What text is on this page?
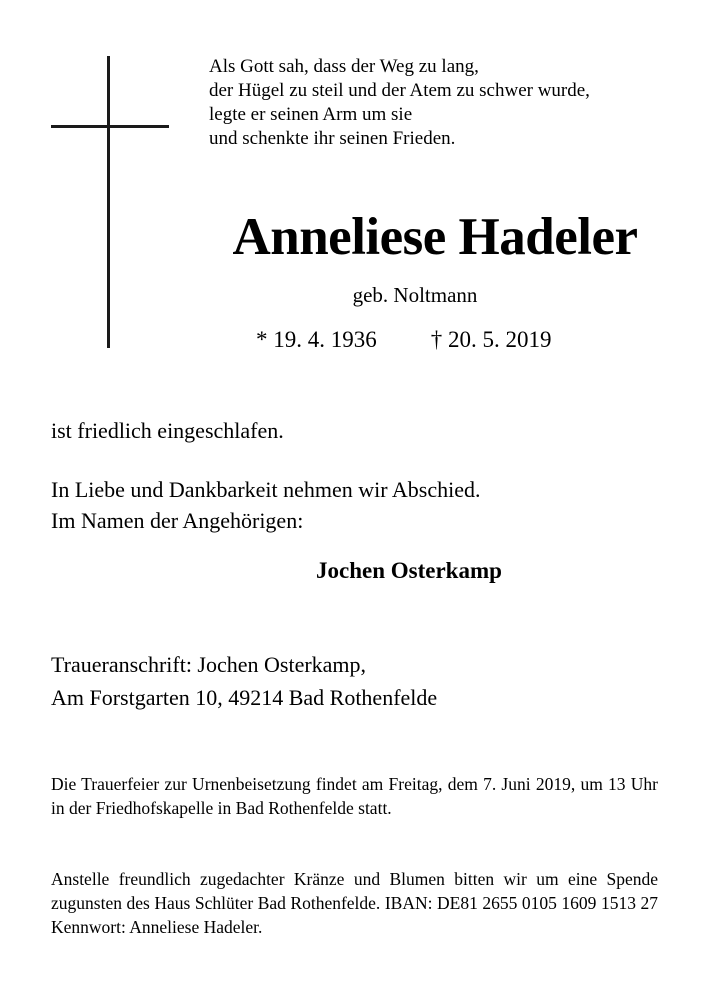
Als Gott sah, dass der Weg zu lang,
der Hügel zu steil und der Atem zu schwer wurde,
legte er seinen Arm um sie
und schenkte ihr seinen Frieden.
Anneliese Hadeler
geb. Noltmann
* 19. 4. 1936 † 20. 5. 2019
ist friedlich eingeschlafen.
In Liebe und Dankbarkeit nehmen wir Abschied.
Im Namen der Angehörigen:
Jochen Osterkamp
Traueranschrift: Jochen Osterkamp,
Am Forstgarten 10, 49214 Bad Rothenfelde

Die Trauerfeier zur Urnenbeisetzung findet am Freitag, dem 7. Juni 2019, um 13 Uhr in der Friedhofskapelle in Bad Rothenfelde statt.

Anstelle freundlich zugedachter Kränze und Blumen bitten wir um eine Spende zugunsten des Haus Schlüter Bad Rothenfelde. IBAN: DE81 2655 0105 1609 1513 27 Kennwort: Anneliese Hadeler.
